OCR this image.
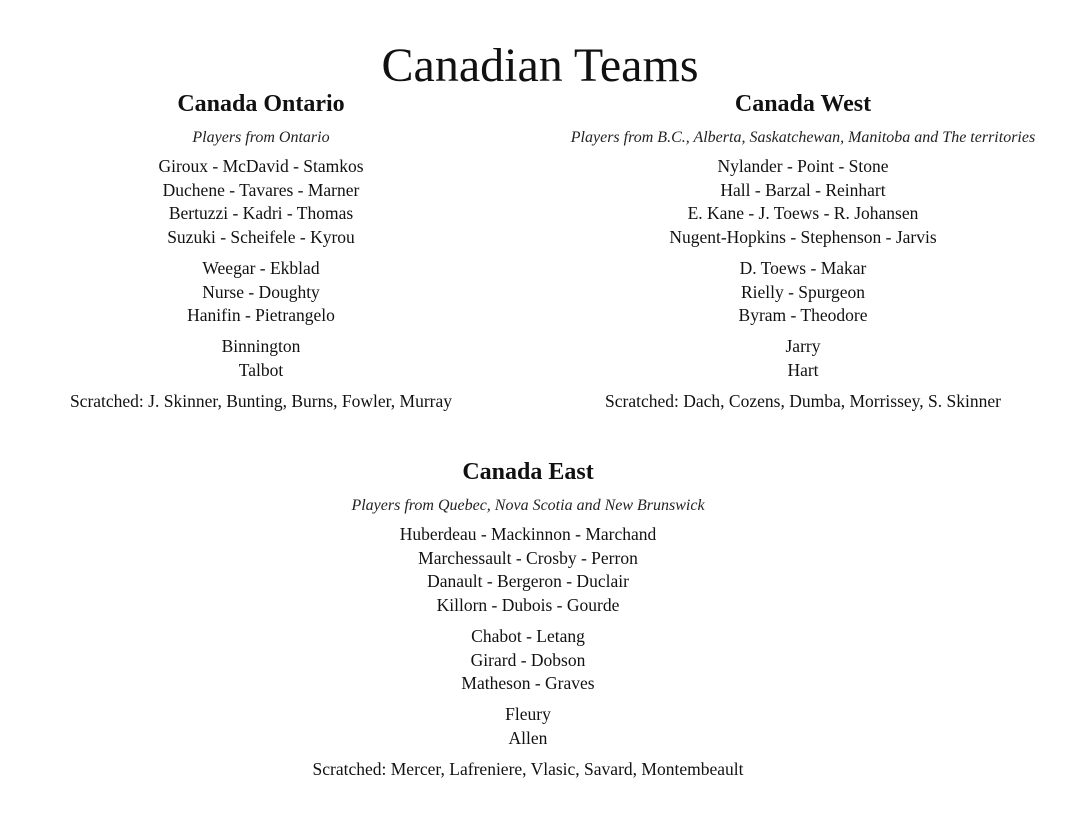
Canadian Teams
Canada Ontario
Players from Ontario
Giroux - McDavid - Stamkos
Duchene - Tavares - Marner
Bertuzzi - Kadri - Thomas
Suzuki - Scheifele - Kyrou
Weegar - Ekblad
Nurse - Doughty
Hanifin - Pietrangelo
Binnington
Talbot
Scratched: J. Skinner, Bunting, Burns, Fowler, Murray
Canada West
Players from B.C., Alberta, Saskatchewan, Manitoba and The territories
Nylander - Point - Stone
Hall - Barzal - Reinhart
E. Kane - J. Toews - R. Johansen
Nugent-Hopkins - Stephenson - Jarvis
D. Toews - Makar
Rielly - Spurgeon
Byram - Theodore
Jarry
Hart
Scratched: Dach, Cozens, Dumba, Morrissey, S. Skinner
Canada East
Players from Quebec, Nova Scotia and New Brunswick
Huberdeau - Mackinnon - Marchand
Marchessault - Crosby - Perron
Danault - Bergeron - Duclair
Killorn - Dubois - Gourde
Chabot - Letang
Girard - Dobson
Matheson - Graves
Fleury
Allen
Scratched: Mercer, Lafreniere, Vlasic, Savard, Montembeault
